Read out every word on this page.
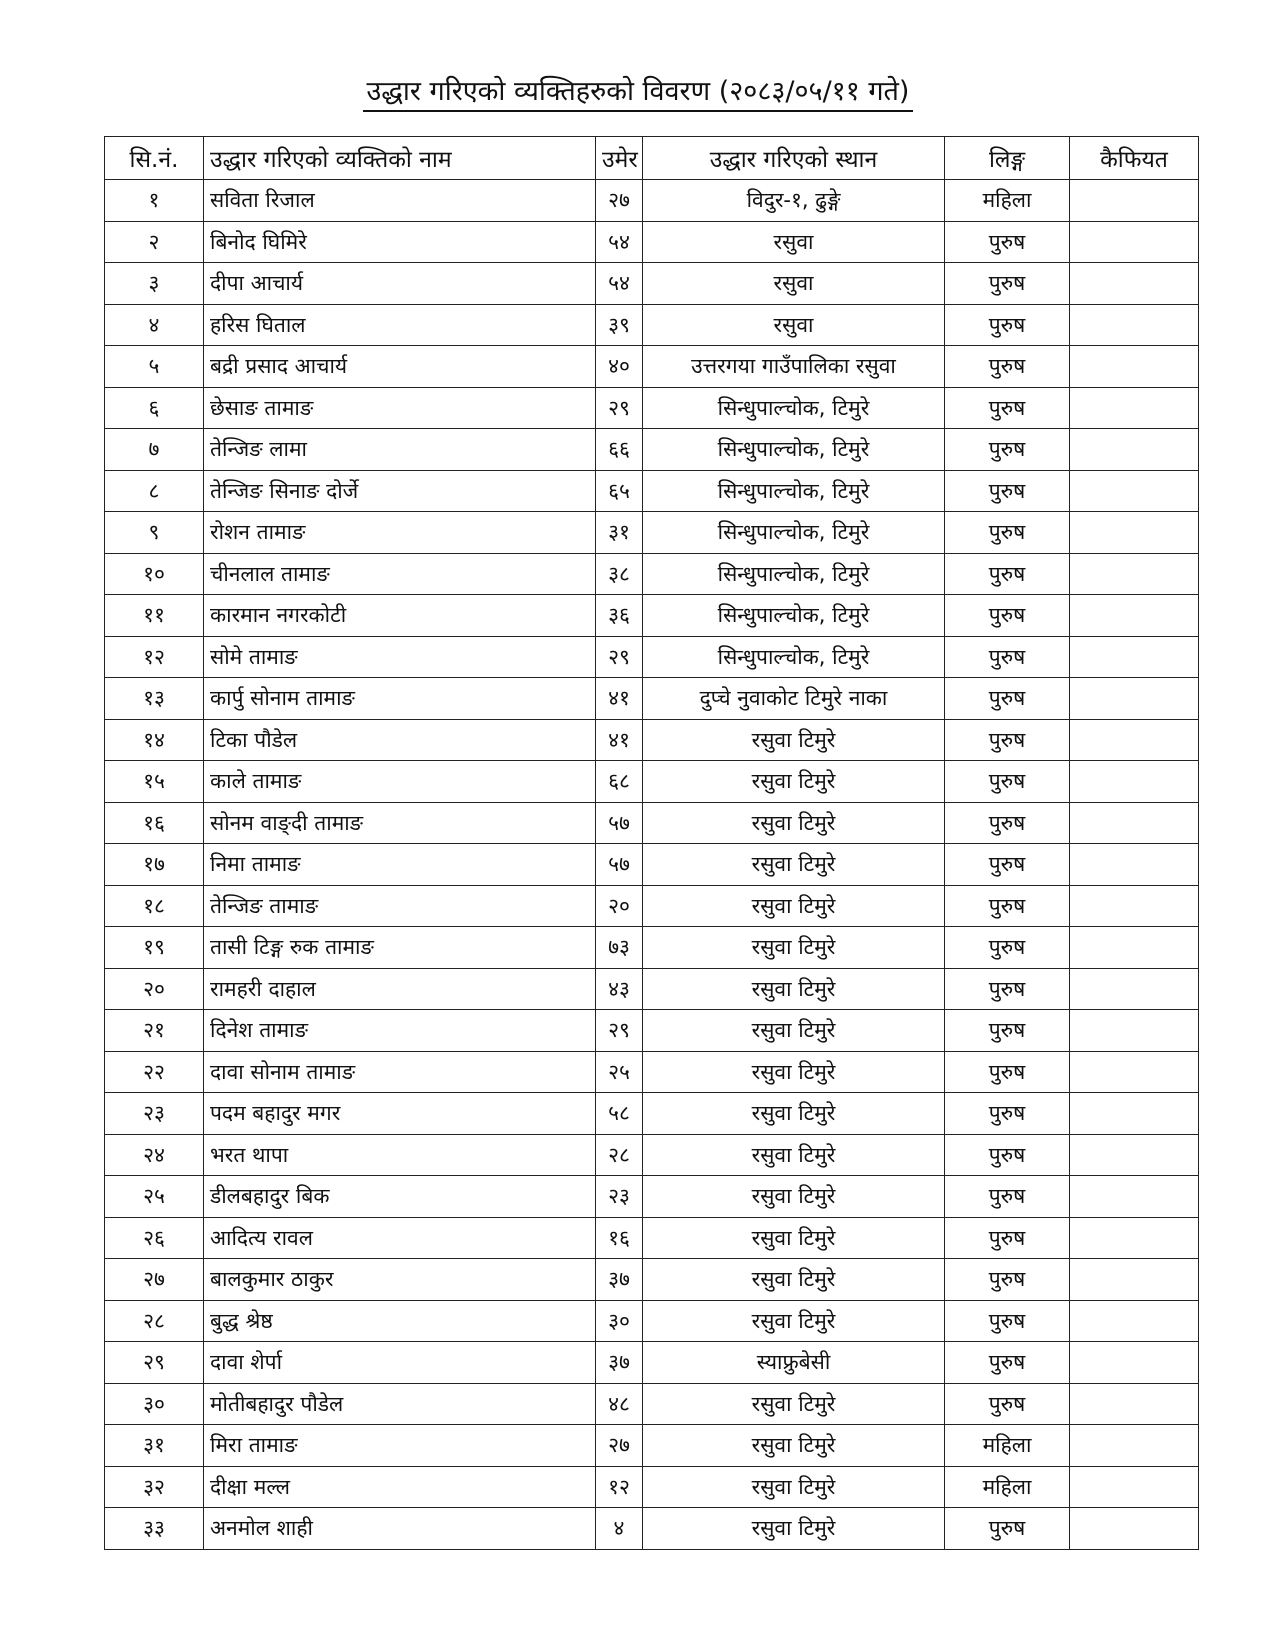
उद्धार गरिएको व्यक्तिहरुको विवरण (२०८३/०५/११ गते)
सि.नं.	उद्धार गरिएको व्यक्तिको नाम	उमेर	उद्धार गरिएको स्थान	लिङ्ग	कैफियत
१	सविता रिजाल	२७	विदुर-१, ढुङ्गे	महिला	
२	बिनोद घिमिरे	५४	रसुवा	पुरुष	
३	दीपा आचार्य	५४	रसुवा	पुरुष	
४	हरिस घिताल	३९	रसुवा	पुरुष	
५	बद्री प्रसाद आचार्य	४०	उत्तरगया गाउँपालिका रसुवा	पुरुष	
६	छेसाङ तामाङ	२९	सिन्धुपाल्चोक, टिमुरे	पुरुष	
७	तेन्जिङ लामा	६६	सिन्धुपाल्चोक, टिमुरे	पुरुष	
८	तेन्जिङ सिनाङ दोर्जे	६५	सिन्धुपाल्चोक, टिमुरे	पुरुष	
९	रोशन तामाङ	३१	सिन्धुपाल्चोक, टिमुरे	पुरुष	
१०	चीनलाल तामाङ	३८	सिन्धुपाल्चोक, टिमुरे	पुरुष	
११	कारमान नगरकोटी	३६	सिन्धुपाल्चोक, टिमुरे	पुरुष	
१२	सोमे तामाङ	२९	सिन्धुपाल्चोक, टिमुरे	पुरुष	
१३	कार्पु सोनाम तामाङ	४१	दुप्चे नुवाकोट टिमुरे नाका	पुरुष	
१४	टिका पौडेल	४१	रसुवा टिमुरे	पुरुष	
१५	काले तामाङ	६८	रसुवा टिमुरे	पुरुष	
१६	सोनम वाङ्दी तामाङ	५७	रसुवा टिमुरे	पुरुष	
१७	निमा तामाङ	५७	रसुवा टिमुरे	पुरुष	
१८	तेन्जिङ तामाङ	२०	रसुवा टिमुरे	पुरुष	
१९	तासी टिङ्ग रुक तामाङ	७३	रसुवा टिमुरे	पुरुष	
२०	रामहरी दाहाल	४३	रसुवा टिमुरे	पुरुष	
२१	दिनेश तामाङ	२९	रसुवा टिमुरे	पुरुष	
२२	दावा सोनाम तामाङ	२५	रसुवा टिमुरे	पुरुष	
२३	पदम बहादुर मगर	५८	रसुवा टिमुरे	पुरुष	
२४	भरत थापा	२८	रसुवा टिमुरे	पुरुष	
२५	डीलबहादुर बिक	२३	रसुवा टिमुरे	पुरुष	
२६	आदित्य रावल	१६	रसुवा टिमुरे	पुरुष	
२७	बालकुमार ठाकुर	३७	रसुवा टिमुरे	पुरुष	
२८	बुद्ध श्रेष्ठ	३०	रसुवा टिमुरे	पुरुष	
२९	दावा शेर्पा	३७	स्याफ्रुबेसी	पुरुष	
३०	मोतीबहादुर पौडेल	४८	रसुवा टिमुरे	पुरुष	
३१	मिरा तामाङ	२७	रसुवा टिमुरे	महिला	
३२	दीक्षा मल्ल	१२	रसुवा टिमुरे	महिला	
३३	अनमोल शाही	४	रसुवा टिमुरे	पुरुष	
